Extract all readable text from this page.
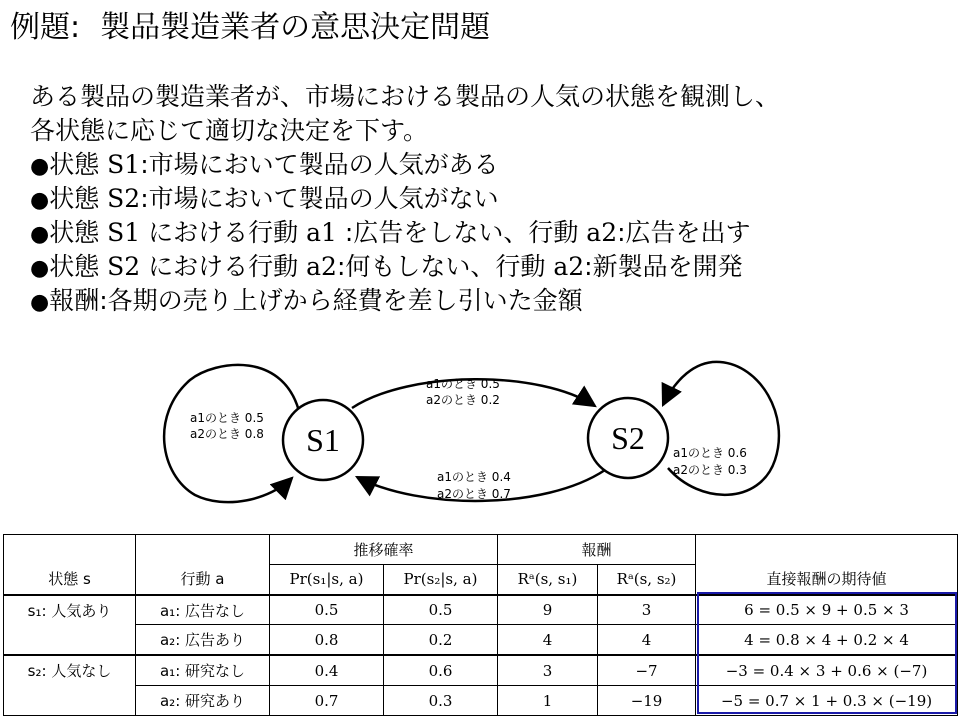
例題: 製品製造業者の意思決定問題
ある製品の製造業者が、市場における製品の人気の状態を観測し、
各状態に応じて適切な決定を下す。
●状態 S1:市場において製品の人気がある
●状態 S2:市場において製品の人気がない
●状態 S1 における行動 a1 :広告をしない、行動 a2:広告を出す
●状態 S2 における行動 a2:何もしない、行動 a2:新製品を開発
●報酬:各期の売り上げから経費を差し引いた金額
S1	S2
a1のとき 0.5
a2のとき 0.8
a1のとき 0.5
a2のとき 0.2
a1のとき 0.4
a2のとき 0.7
a1のとき 0.6
a2のとき 0.3
		推移確率		報酬		
状態 s	行動 a	Pr(s₁|s, a)	Pr(s₂|s, a)	Rᵃ(s, s₁)	Rᵃ(s, s₂)	直接報酬の期待値
s₁: 人気あり	a₁: 広告なし	0.5	0.5	9	3	6 = 0.5 × 9 + 0.5 × 3
	a₂: 広告あり	0.8	0.2	4	4	4 = 0.8 × 4 + 0.2 × 4
s₂: 人気なし	a₁: 研究なし	0.4	0.6	3	−7	−3 = 0.4 × 3 + 0.6 × (−7)
	a₂: 研究あり	0.7	0.3	1	−19	−5 = 0.7 × 1 + 0.3 × (−19)
